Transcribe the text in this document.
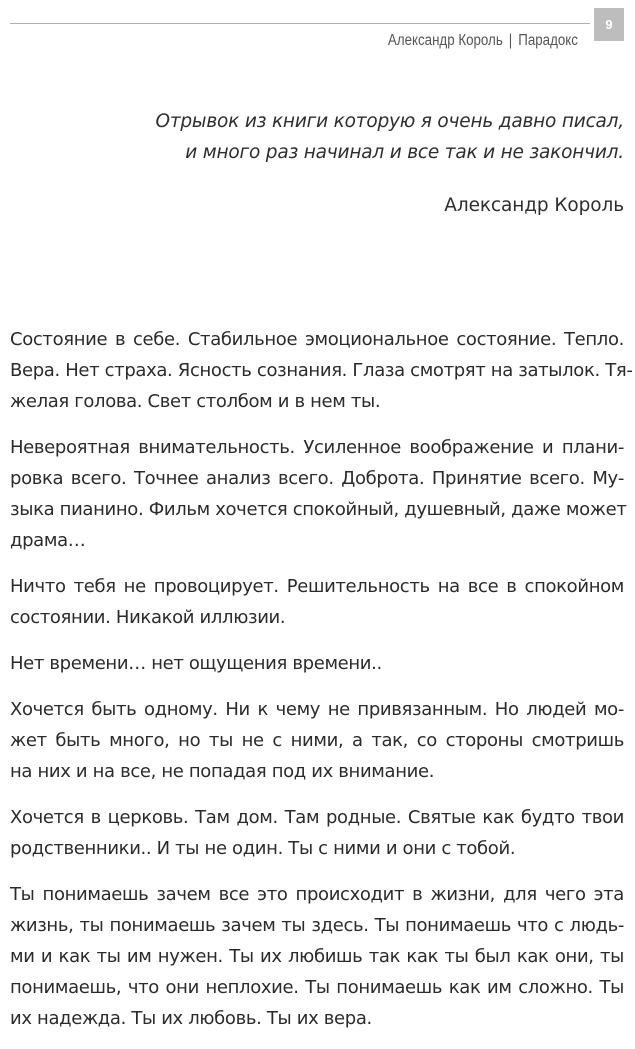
9
Александр Король | Парадокс
Отрывок из книги которую я очень давно писал,
и много раз начинал и все так и не закончил.
Александр Король
Состояние в себе. Стабильное эмоциональное состояние. Тепло.
Вера. Нет страха. Ясность сознания. Глаза смотрят на затылок. Тя-
желая голова. Свет столбом и в нем ты.
Невероятная внимательность. Усиленное воображение и плани-
ровка всего. Точнее анализ всего. Доброта. Принятие всего. Му-
зыка пианино. Фильм хочется спокойный, душевный, даже может
драма…
Ничто тебя не провоцирует. Решительность на все в спокойном
состоянии. Никакой иллюзии.
Нет времени… нет ощущения времени..
Хочется быть одному. Ни к чему не привязанным. Но людей мо-
жет быть много, но ты не с ними, а так, со стороны смотришь
на них и на все, не попадая под их внимание.
Хочется в церковь. Там дом. Там родные. Святые как будто твои
родственники.. И ты не один. Ты с ними и они с тобой.
Ты понимаешь зачем все это происходит в жизни, для чего эта
жизнь, ты понимаешь зачем ты здесь. Ты понимаешь что с людь-
ми и как ты им нужен. Ты их любишь так как ты был как они, ты
понимаешь, что они неплохие. Ты понимаешь как им сложно. Ты
их надежда. Ты их любовь. Ты их вера.
